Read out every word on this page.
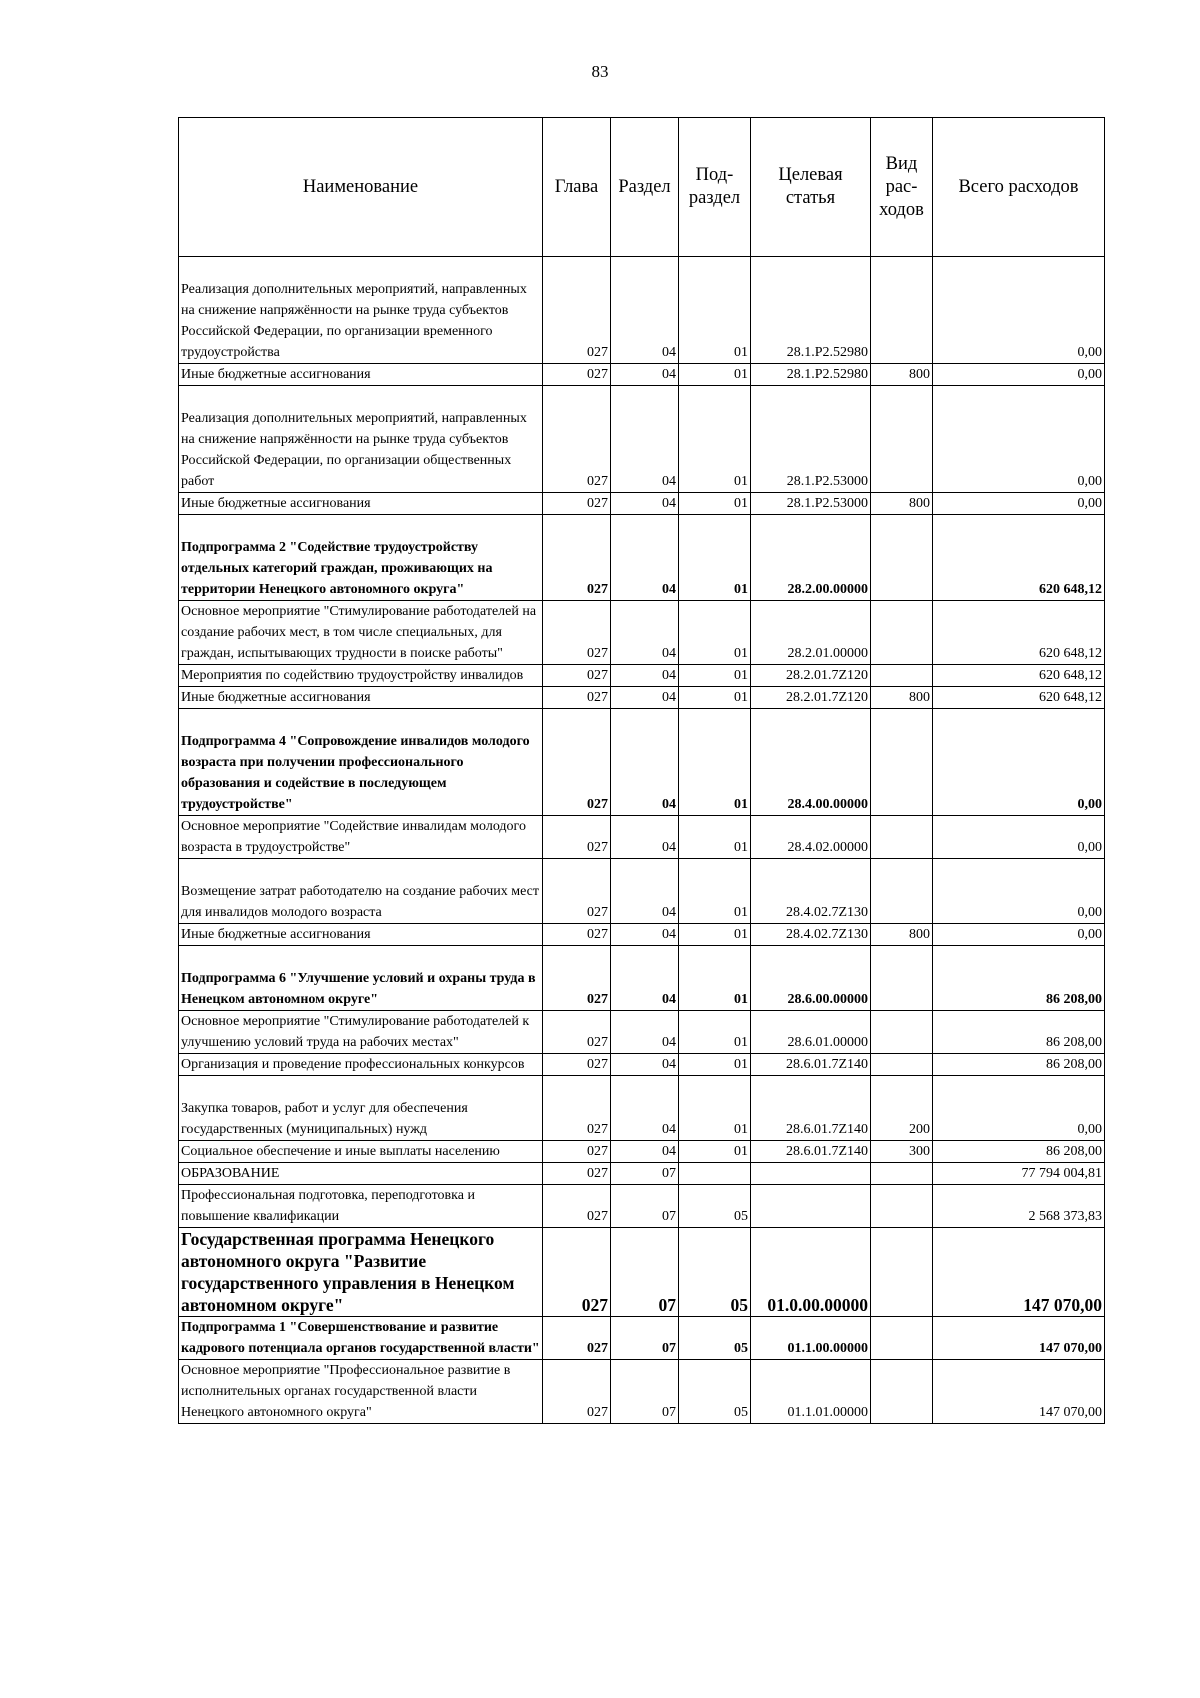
83
Наименование	Глава	Раздел	Под-раздел	Целевая статья	Вид рас-ходов	Всего расходов
Реализация дополнительных мероприятий, направленных на снижение напряжённости на рынке труда субъектов Российской Федерации, по организации временного трудоустройства	027	04	01	28.1.P2.52980		0,00
Иные бюджетные ассигнования	027	04	01	28.1.P2.52980	800	0,00
Реализация дополнительных мероприятий, направленных на снижение напряжённости на рынке труда субъектов Российской Федерации, по организации общественных работ	027	04	01	28.1.P2.53000		0,00
Иные бюджетные ассигнования	027	04	01	28.1.P2.53000	800	0,00
Подпрограмма 2 "Содействие трудоустройству отдельных категорий граждан, проживающих на территории Ненецкого автономного округа"	027	04	01	28.2.00.00000		620 648,12
Основное мероприятие "Стимулирование работодателей на создание рабочих мест, в том числе специальных, для граждан, испытывающих трудности в поиске работы"	027	04	01	28.2.01.00000		620 648,12
Мероприятия по содействию трудоустройству инвалидов	027	04	01	28.2.01.7Z120		620 648,12
Иные бюджетные ассигнования	027	04	01	28.2.01.7Z120	800	620 648,12
Подпрограмма 4 "Сопровождение инвалидов молодого возраста при получении профессионального образования и содействие в последующем трудоустройстве"	027	04	01	28.4.00.00000		0,00
Основное мероприятие "Содействие инвалидам молодого возраста в трудоустройстве"	027	04	01	28.4.02.00000		0,00
Возмещение затрат работодателю на создание рабочих мест для инвалидов молодого возраста	027	04	01	28.4.02.7Z130		0,00
Иные бюджетные ассигнования	027	04	01	28.4.02.7Z130	800	0,00
Подпрограмма 6 "Улучшение условий и охраны труда в Ненецком автономном округе"	027	04	01	28.6.00.00000		86 208,00
Основное мероприятие "Стимулирование работодателей к улучшению условий труда на рабочих местах"	027	04	01	28.6.01.00000		86 208,00
Организация и проведение профессиональных конкурсов	027	04	01	28.6.01.7Z140		86 208,00
Закупка товаров, работ и услуг для обеспечения государственных (муниципальных) нужд	027	04	01	28.6.01.7Z140	200	0,00
Социальное обеспечение и иные выплаты населению	027	04	01	28.6.01.7Z140	300	86 208,00
ОБРАЗОВАНИЕ	027	07				77 794 004,81
Профессиональная подготовка, переподготовка и повышение квалификации	027	07	05			2 568 373,83
Государственная программа Ненецкого автономного округа "Развитие государственного управления в Ненецком автономном округе"	027	07	05	01.0.00.00000		147 070,00
Подпрограмма 1 "Совершенствование и развитие кадрового потенциала органов государственной власти"	027	07	05	01.1.00.00000		147 070,00
Основное мероприятие "Профессиональное развитие в исполнительных органах государственной власти Ненецкого автономного округа"	027	07	05	01.1.01.00000		147 070,00
